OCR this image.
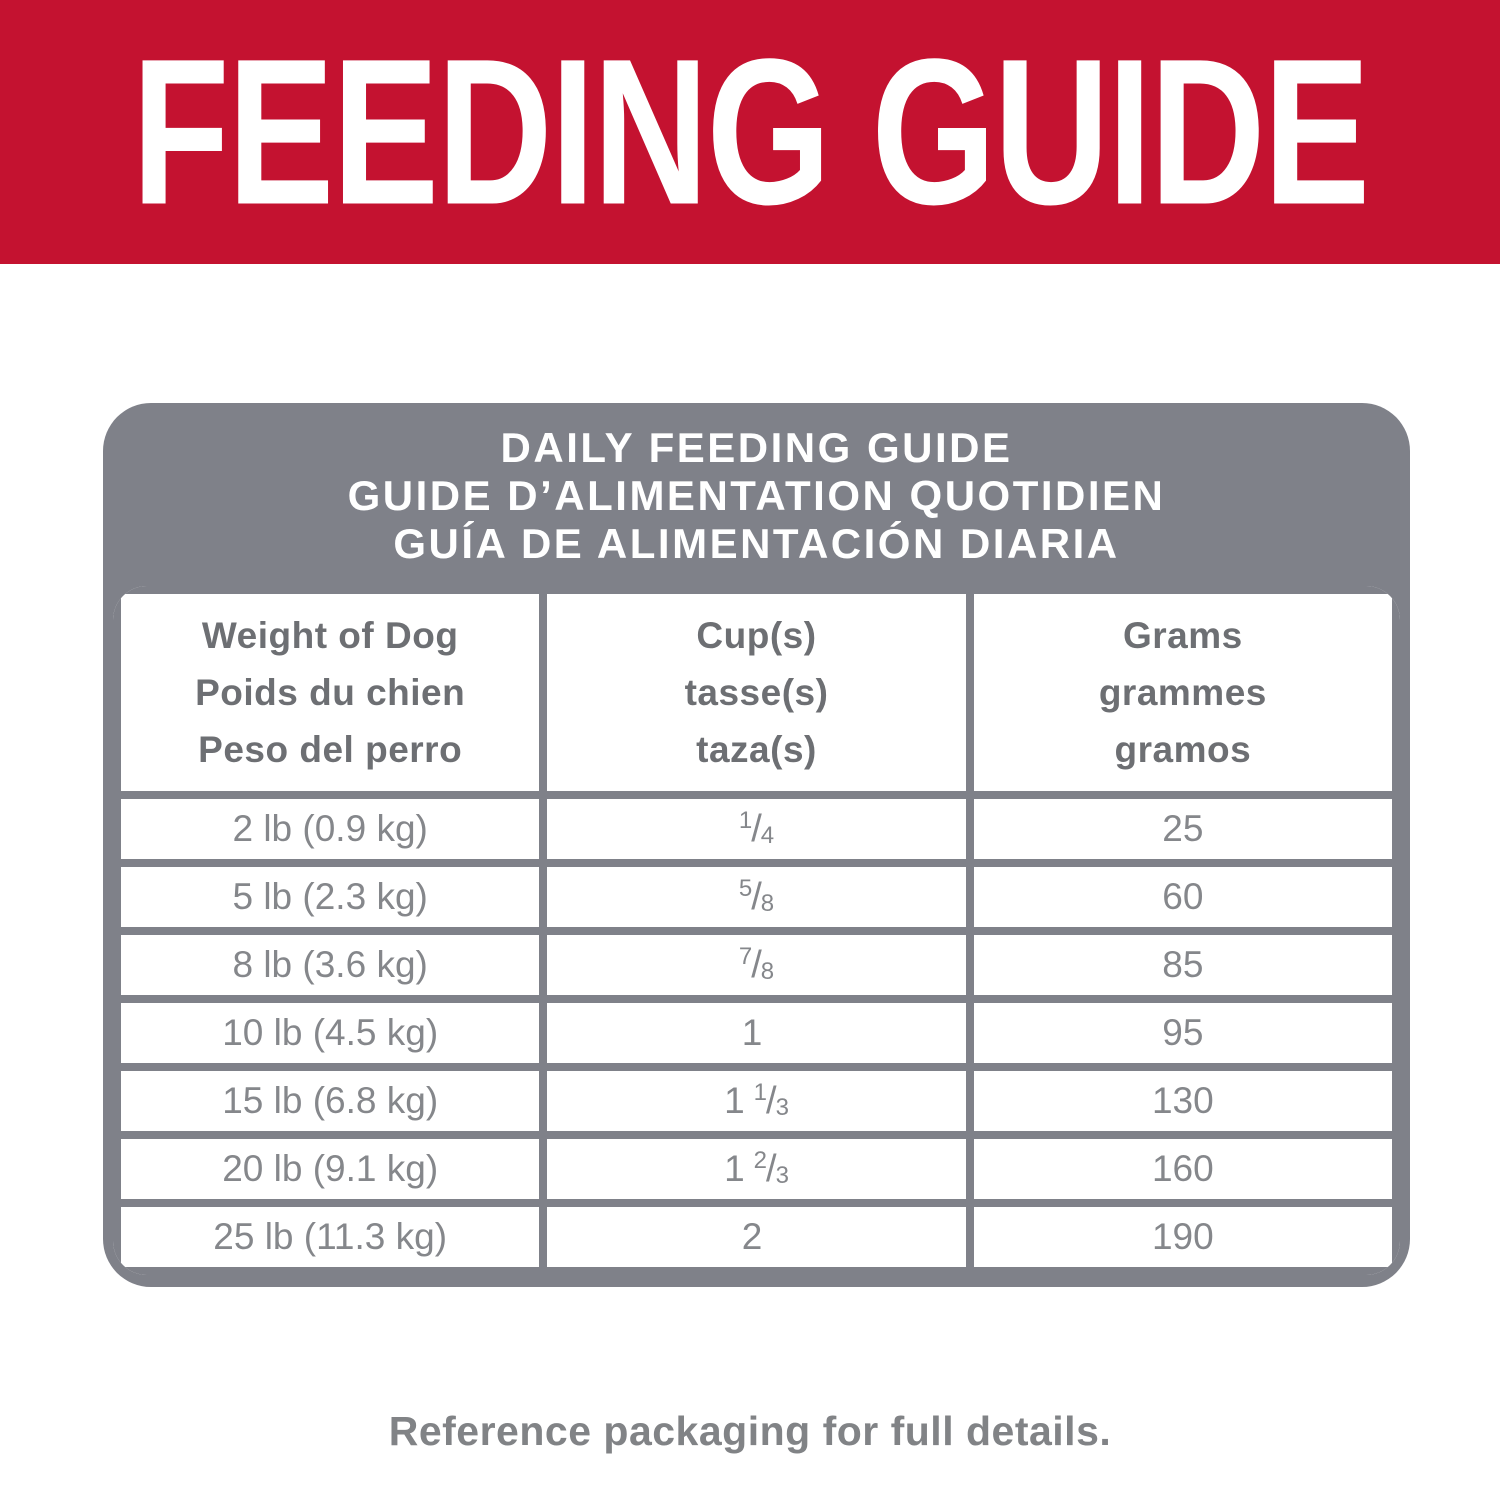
FEEDING GUIDE
DAILY FEEDING GUIDE
GUIDE D’ALIMENTATION QUOTIDIEN
GUÍA DE ALIMENTACIÓN DIARIA
Weight of Dog
Poids du chien
Peso del perro

Cup(s)
tasse(s)
taza(s)

Grams
grammes
gramos

2 lb (0.9 kg)	$^1$/4	25
5 lb (2.3 kg)	$^5$/8	60
8 lb (3.6 kg)	$^7$/8	85
10 lb (4.5 kg)	1	95
15 lb (6.8 kg)	1 $^1$/3	130
20 lb (9.1 kg)	1 $^2$/3	160
25 lb (11.3 kg)	2	190
Reference packaging for full details.
